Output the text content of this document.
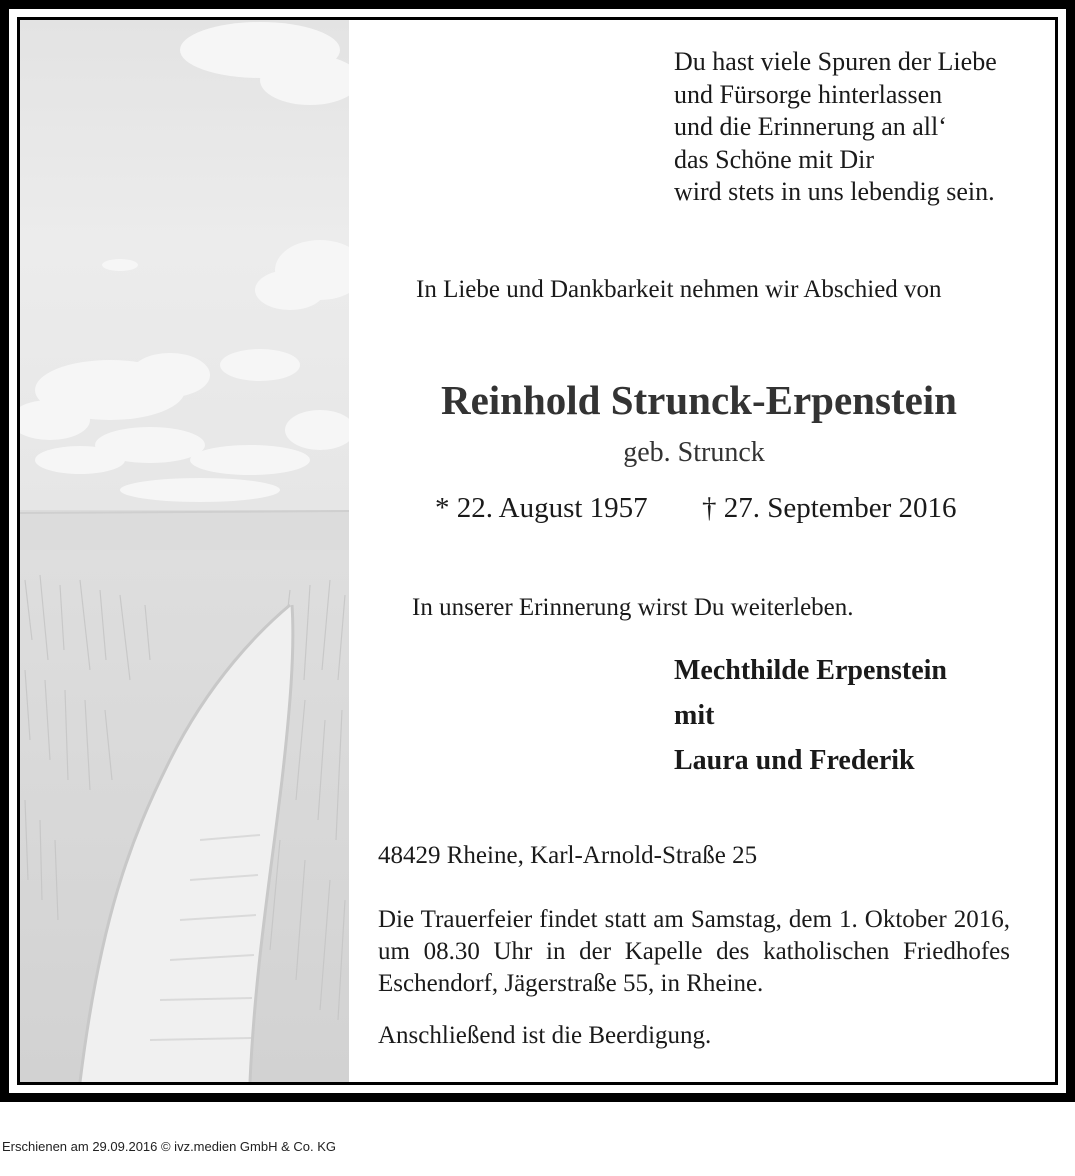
Du hast viele Spuren der Liebe
und Fürsorge hinterlassen
und die Erinnerung an all‘
das Schöne mit Dir
wird stets in uns lebendig sein.
In Liebe und Dankbarkeit nehmen wir Abschied von
Reinhold Strunck-Erpenstein
geb. Strunck
* 22. August 1957 † 27. September 2016
In unserer Erinnerung wirst Du weiterleben.
Mechthilde Erpenstein
mit
Laura und Frederik
48429 Rheine, Karl-Arnold-Straße 25
Die Trauerfeier findet statt am Samstag, dem 1. Oktober 2016, um 08.30 Uhr in der Kapelle des katholischen Friedhofes Eschendorf, Jägerstraße 55, in Rheine.
Anschließend ist die Beerdigung.
Erschienen am 29.09.2016 © ivz.medien GmbH & Co. KG
